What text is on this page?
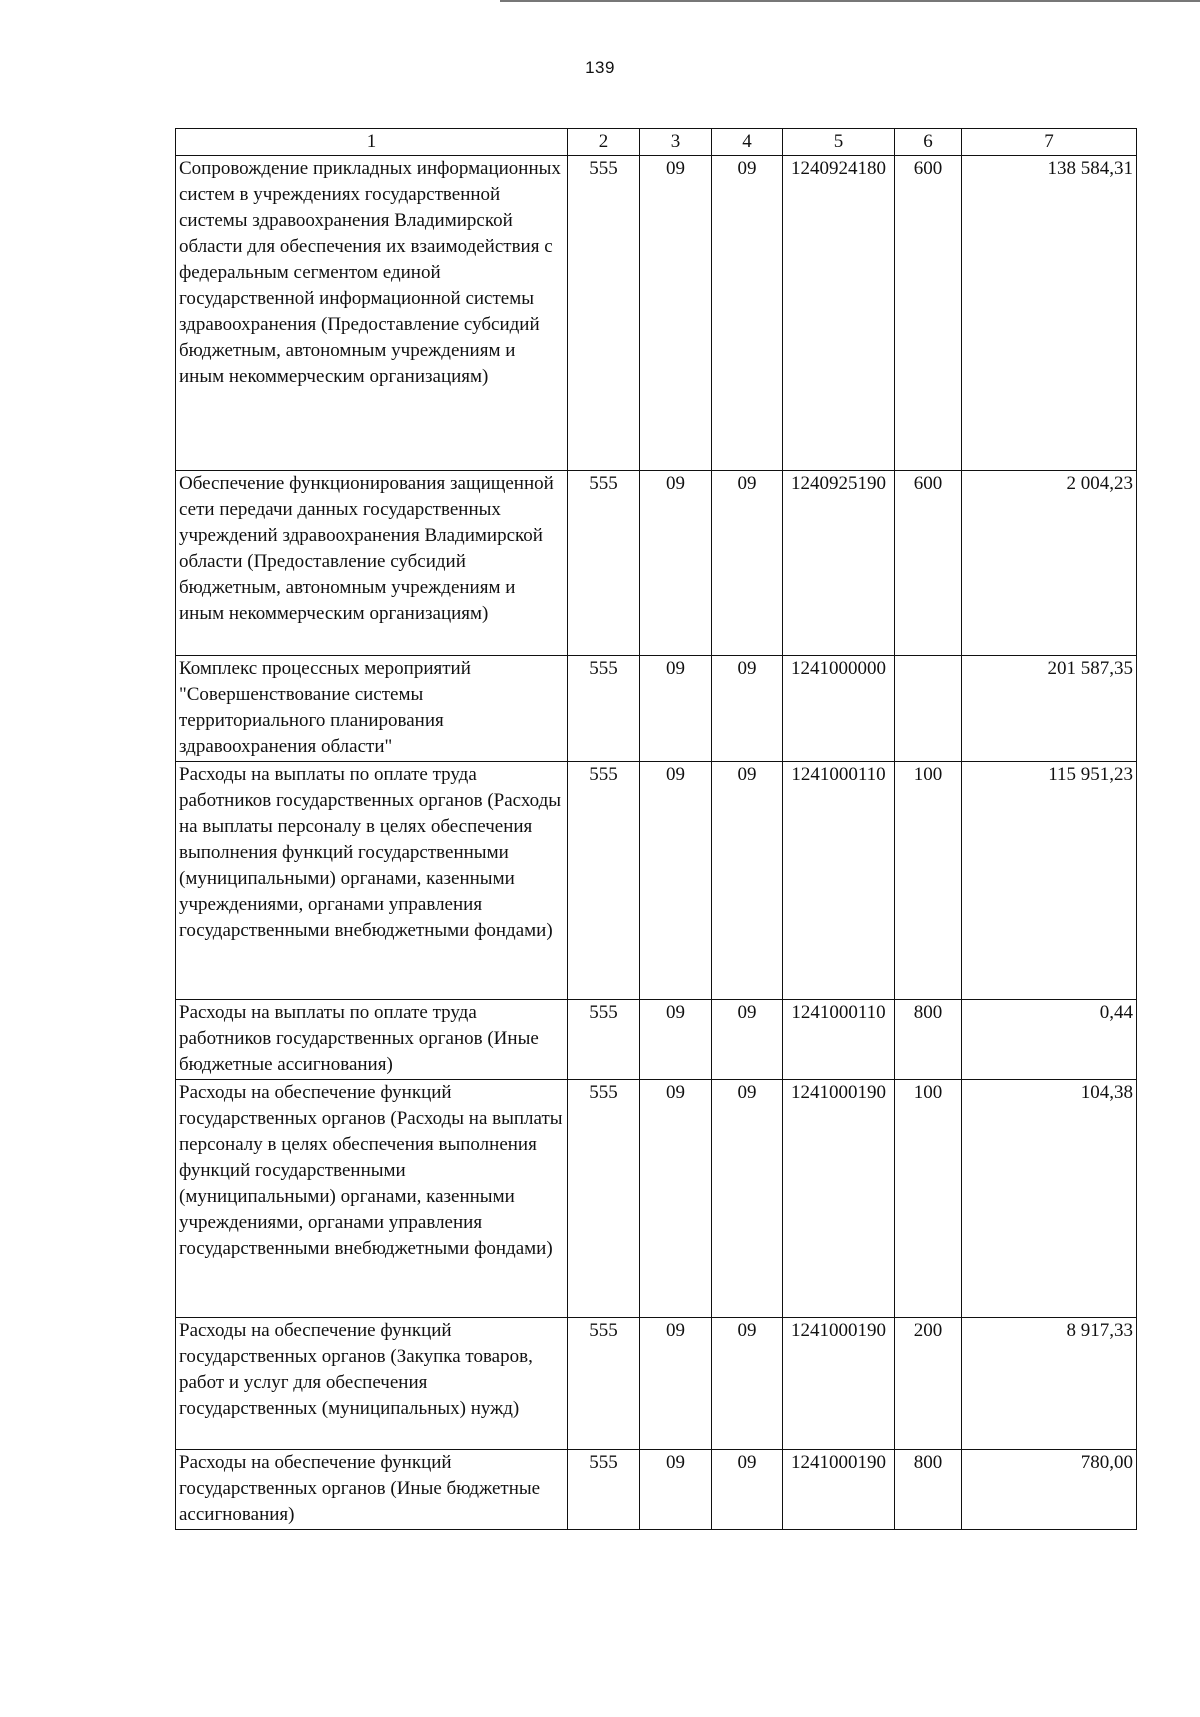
139
1	2	3	4	5	6	7
Сопровождение прикладных информационных систем в учреждениях государственной системы здравоохранения Владимирской области для обеспечения их взаимодействия с федеральным сегментом единой государственной информационной системы здравоохранения (Предоставление субсидий бюджетным, автономным учреждениям и иным некоммерческим организациям)	555	09	09	1240924180	600	138 584,31
Обеспечение функционирования защищенной сети передачи данных государственных учреждений здравоохранения Владимирской области (Предоставление субсидий бюджетным, автономным учреждениям и иным некоммерческим организациям)	555	09	09	1240925190	600	2 004,23
Комплекс процессных мероприятий "Совершенствование системы территориального планирования здравоохранения области"	555	09	09	1241000000		201 587,35
Расходы на выплаты по оплате труда работников государственных органов (Расходы на выплаты персоналу в целях обеспечения выполнения функций государственными (муниципальными) органами, казенными учреждениями, органами управления государственными внебюджетными фондами)	555	09	09	1241000110	100	115 951,23
Расходы на выплаты по оплате труда работников государственных органов (Иные бюджетные ассигнования)	555	09	09	1241000110	800	0,44
Расходы на обеспечение функций государственных органов (Расходы на выплаты персоналу в целях обеспечения выполнения функций государственными (муниципальными) органами, казенными учреждениями, органами управления государственными внебюджетными фондами)	555	09	09	1241000190	100	104,38
Расходы на обеспечение функций государственных органов (Закупка товаров, работ и услуг для обеспечения государственных (муниципальных) нужд)	555	09	09	1241000190	200	8 917,33
Расходы на обеспечение функций государственных органов (Иные бюджетные ассигнования)	555	09	09	1241000190	800	780,00
